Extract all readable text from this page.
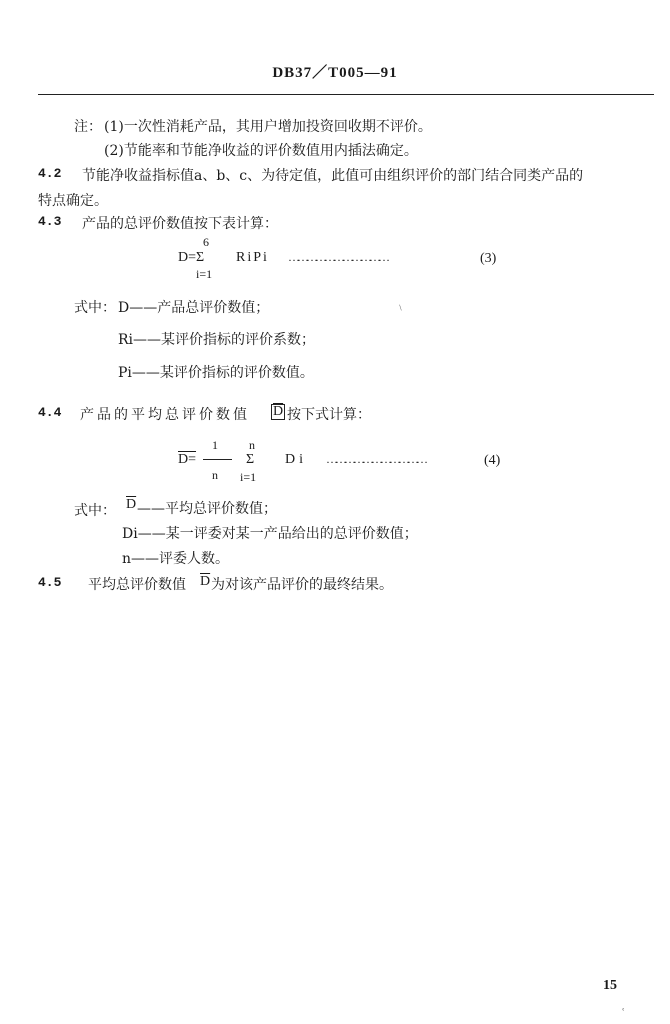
DB37／T005—91
注： (1)一次性消耗产品，其用户增加投资回收期不评价。
(2)节能率和节能净收益的评价数值用内插法确定。
4.2 节能净收益指标值a、b、c、为待定值，此值可由组织评价的部门结合同类产品的
特点确定。
4.3 产品的总评价数值按下表计算：
6
D=Σ
i=1
RiPi ……………………………	(3)
式中： D——产品总评价数值；
Ri——某评价指标的评价系数；
Pi——某评价指标的评价数值。
﹨
4.4 产品的平均总评价数值 $\overline{D}$ 按下式计算：
D=
1
n
n
Σ
i=1
Di ……………………………	(4)
式中： $\overline{D}$ ——平均总评价数值；
Di——某一评委对某一产品给出的总评价数值；
n——评委人数。
4.5 平均总评价数值 $\overline{D}$ 为对该产品评价的最终结果。
15
˓
